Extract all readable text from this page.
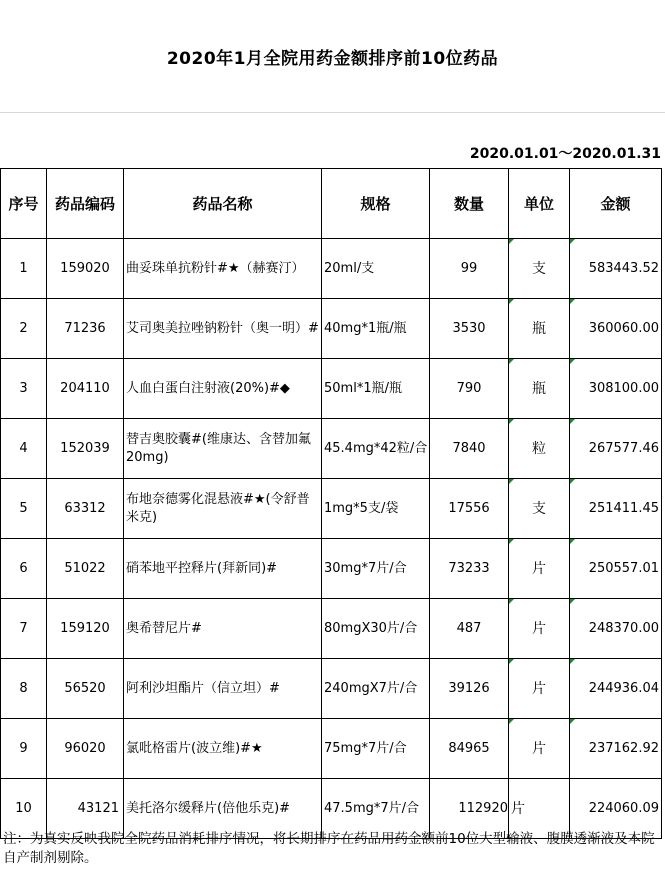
2020年1月全院用药金额排序前10位药品
2020.01.01～2020.01.31
序号	药品编码	药品名称	规格	数量	单位	金额
1	159020	曲妥珠单抗粉针#★（赫赛汀）	20ml/支	99	支	583443.52
2	71236	艾司奥美拉唑钠粉针（奥一明）#	40mg*1瓶/瓶	3530	瓶	360060.00
3	204110	人血白蛋白注射液(20%)#◆	50ml*1瓶/瓶	790	瓶	308100.00
4	152039	替吉奥胶囊#(维康达、含替加氟20mg)	45.4mg*42粒/合	7840	粒	267577.46
5	63312	布地奈德雾化混悬液#★(令舒普米克)	1mg*5支/袋	17556	支	251411.45
6	51022	硝苯地平控释片(拜新同)#	30mg*7片/合	73233	片	250557.01
7	159120	奥希替尼片#	80mgX30片/合	487	片	248370.00
8	56520	阿利沙坦酯片（信立坦）#	240mgX7片/合	39126	片	244936.04
9	96020	氯吡格雷片(波立维)#★	75mg*7片/合	84965	片	237162.92
10	43121	美托洛尔缓释片(倍他乐克)#	47.5mg*7片/合	112920	片	224060.09
注：为真实反映我院全院药品消耗排序情况，将长期排序在药品用药金额前10位大型输液、腹膜透渐液及本院自产制剂剔除。
